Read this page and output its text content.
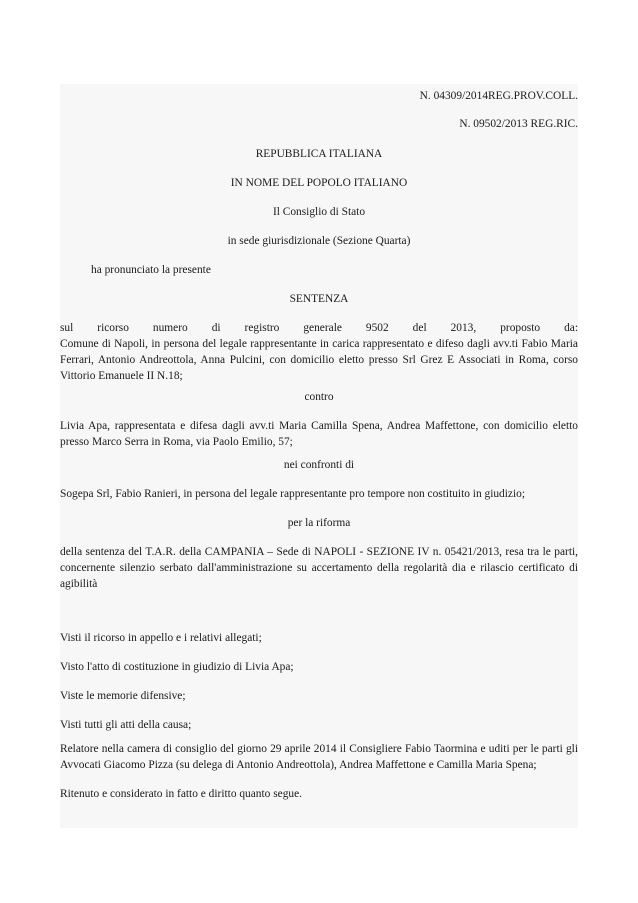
N. 04309/2014REG.PROV.COLL.
N. 09502/2013 REG.RIC.
REPUBBLICA ITALIANA
IN NOME DEL POPOLO ITALIANO
Il Consiglio di Stato
in sede giurisdizionale (Sezione Quarta)
ha pronunciato la presente
SENTENZA
sul ricorso numero di registro generale 9502 del 2013, proposto da:
Comune di Napoli, in persona del legale rappresentante in carica rappresentato e difeso dagli avv.ti Fabio Maria Ferrari, Antonio Andreottola, Anna Pulcini, con domicilio eletto presso Srl Grez E Associati in Roma, corso Vittorio Emanuele II N.18;
contro
Livia Apa, rappresentata e difesa dagli avv.ti Maria Camilla Spena, Andrea Maffettone, con domicilio eletto presso Marco Serra in Roma, via Paolo Emilio, 57;
nei confronti di
Sogepa Srl, Fabio Ranieri, in persona del legale rappresentante pro tempore non costituito in giudizio;
per la riforma
della sentenza del T.A.R. della CAMPANIA – Sede di NAPOLI - SEZIONE IV n. 05421/2013, resa tra le parti, concernente silenzio serbato dall'amministrazione su accertamento della regolarità dia e rilascio certificato di agibilità
Visti il ricorso in appello e i relativi allegati;
Visto l'atto di costituzione in giudizio di Livia Apa;
Viste le memorie difensive;
Visti tutti gli atti della causa;
Relatore nella camera di consiglio del giorno 29 aprile 2014 il Consigliere Fabio Taormina e uditi per le parti gli Avvocati Giacomo Pizza (su delega di Antonio Andreottola), Andrea Maffettone e Camilla Maria Spena;
Ritenuto e considerato in fatto e diritto quanto segue.
